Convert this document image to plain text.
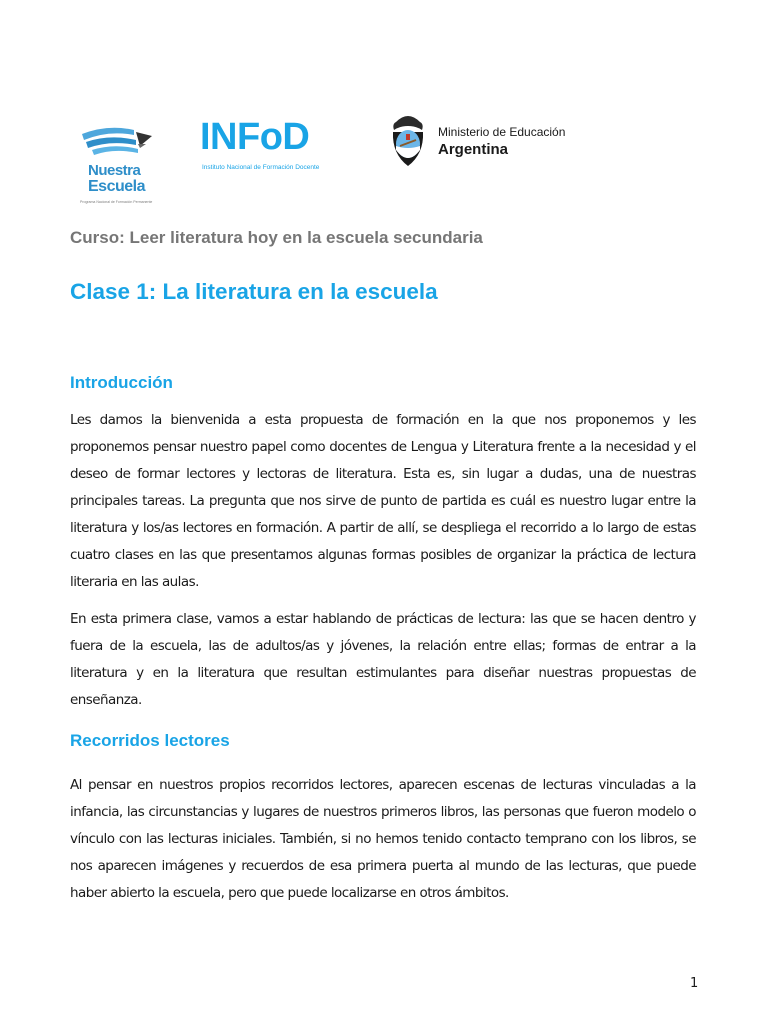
Nuestra
Escuela
Programa Nacional de Formación Permanente
INFoD
Instituto Nacional de Formación Docente
Ministerio de Educación
Argentina
Curso: Leer literatura hoy en la escuela secundaria
Clase 1: La literatura en la escuela
Introducción
Les damos la bienvenida a esta propuesta de formación en la que nos proponemos y les proponemos pensar nuestro papel como docentes de Lengua y Literatura frente a la necesidad y el deseo de formar lectores y lectoras de literatura. Esta es, sin lugar a dudas, una de nuestras principales tareas. La pregunta que nos sirve de punto de partida es cuál es nuestro lugar entre la literatura y los/as lectores en formación. A partir de allí, se despliega el recorrido a lo largo de estas cuatro clases en las que presentamos algunas formas posibles de organizar la práctica de lectura literaria en las aulas.
En esta primera clase, vamos a estar hablando de prácticas de lectura: las que se hacen dentro y fuera de la escuela, las de adultos/as y jóvenes, la relación entre ellas; formas de entrar a la literatura y en la literatura que resultan estimulantes para diseñar nuestras propuestas de enseñanza.
Recorridos lectores
Al pensar en nuestros propios recorridos lectores, aparecen escenas de lecturas vinculadas a la infancia, las circunstancias y lugares de nuestros primeros libros, las personas que fueron modelo o vínculo con las lecturas iniciales. También, si no hemos tenido contacto temprano con los libros, se nos aparecen imágenes y recuerdos de esa primera puerta al mundo de las lecturas, que puede haber abierto la escuela, pero que puede localizarse en otros ámbitos.
1
